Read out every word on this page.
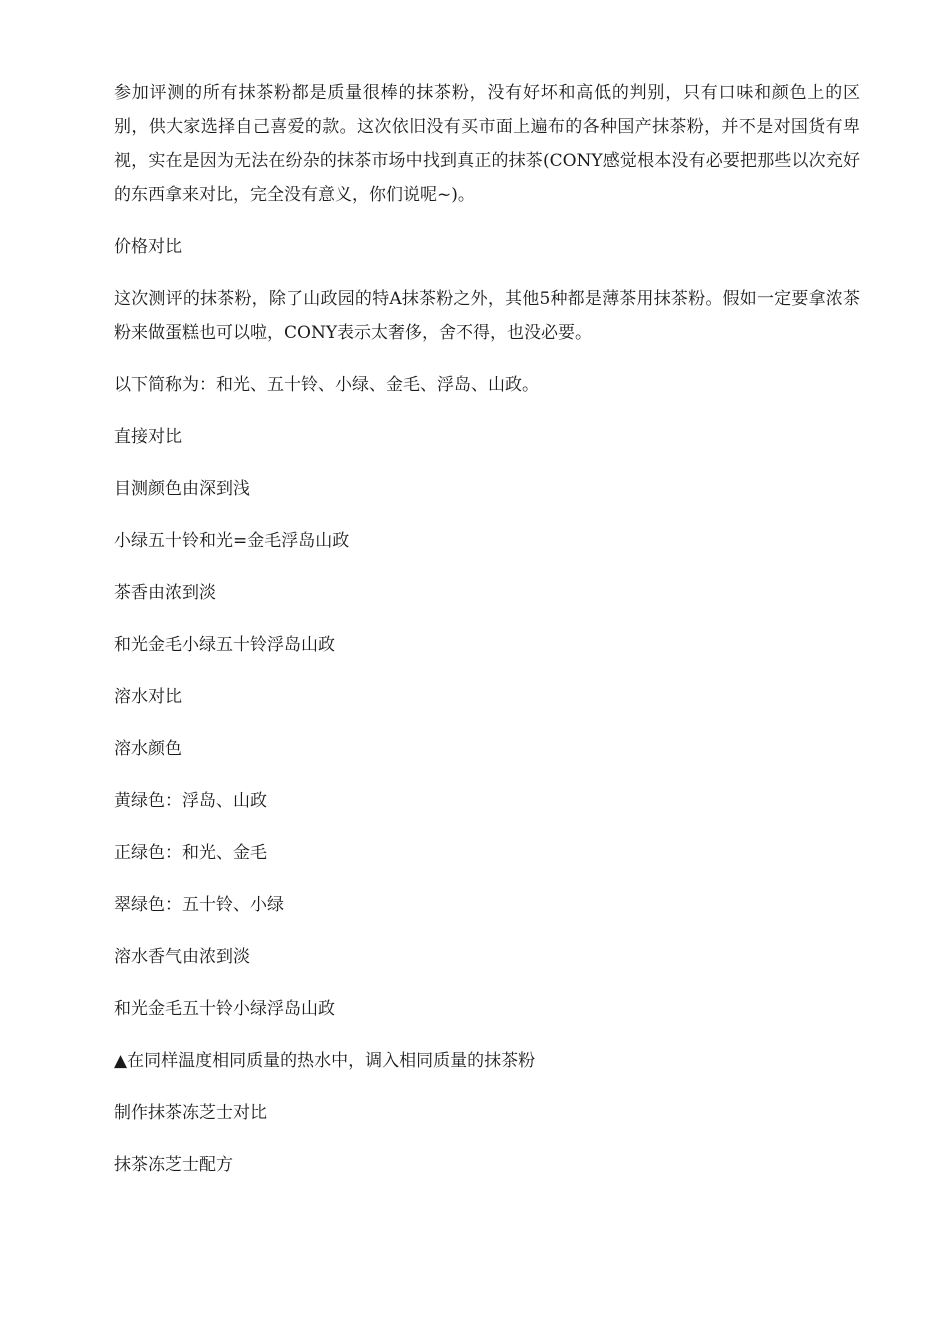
参加评测的所有抹茶粉都是质量很棒的抹茶粉，没有好坏和高低的判别，只有口味和颜色上的区别，供大家选择自己喜爱的款。这次依旧没有买市面上遍布的各种国产抹茶粉，并不是对国货有卑视，实在是因为无法在纷杂的抹茶市场中找到真正的抹茶(CONY感觉根本没有必要把那些以次充好的东西拿来对比，完全没有意义，你们说呢~)。

价格对比

这次测评的抹茶粉，除了山政园的特A抹茶粉之外，其他5种都是薄茶用抹茶粉。假如一定要拿浓茶粉来做蛋糕也可以啦，CONY表示太奢侈，舍不得，也没必要。

以下简称为：和光、五十铃、小绿、金毛、浮岛、山政。

直接对比

目测颜色由深到浅

小绿五十铃和光=金毛浮岛山政

茶香由浓到淡

和光金毛小绿五十铃浮岛山政

溶水对比

溶水颜色

黄绿色：浮岛、山政

正绿色：和光、金毛

翠绿色：五十铃、小绿

溶水香气由浓到淡

和光金毛五十铃小绿浮岛山政

▲在同样温度相同质量的热水中，调入相同质量的抹茶粉

制作抹茶冻芝士对比

抹茶冻芝士配方
